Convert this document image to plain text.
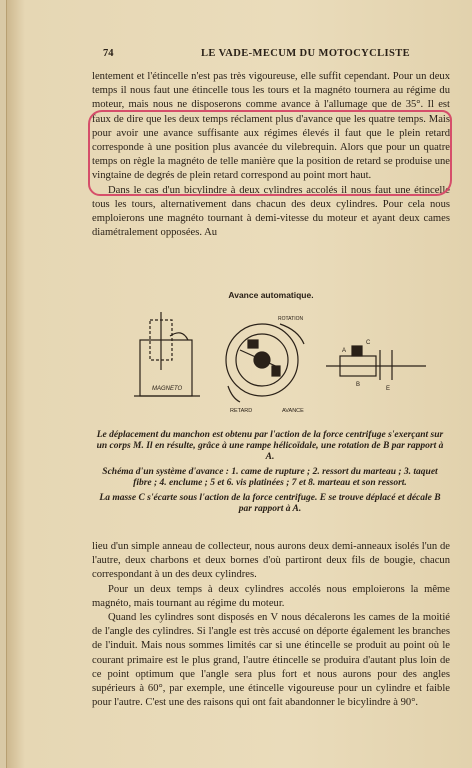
74	LE VADE-MECUM DU MOTOCYCLISTE

lentement et l'étincelle n'est pas très vigoureuse, elle suffit cependant. Pour un deux temps il nous faut une étincelle tous les tours et la magnéto tournera au régime du moteur, mais nous ne disposerons comme avance à l'allumage que de 35°. Il est faux de dire que les deux temps réclament plus d'avance que les quatre temps. Mais pour avoir une avance suffisante aux régimes élevés il faut que le plein retard corresponde à une position plus avancée du vilebrequin. Alors que pour un quatre temps on règle la magnéto de telle manière que la position de retard se produise une vingtaine de degrés de plein retard correspond au point mort haut.

Dans le cas d'un bicylindre à deux cylindres accolés il nous faut une étincelle tous les tours, alternativement dans chacun des deux cylindres. Pour cela nous emploierons une magnéto tournant à demi-vitesse du moteur et ayant deux cames diamétralement opposées. Au

Avance automatique.
MAGNETO
ROTATION
RETARD	AVANCE
A
C
B
E

Le déplacement du manchon est obtenu par l'action de la force centrifuge s'exerçant sur un corps M. Il en résulte, grâce à une rampe hélicoïdale, une rotation de B par rapport à A.

Schéma d'un système d'avance : 1. came de rupture ; 2. ressort du marteau ; 3. taquet fibre ; 4. enclume ; 5 et 6. vis platinées ; 7 et 8. marteau et son ressort.

La masse C s'écarte sous l'action de la force centrifuge. E se trouve déplacé et décale B par rapport à A.

lieu d'un simple anneau de collecteur, nous aurons deux demi-anneaux isolés l'un de l'autre, deux charbons et deux bornes d'où partiront deux fils de bougie, chacun correspondant à un des deux cylindres.

Pour un deux temps à deux cylindres accolés nous emploierons la même magnéto, mais tournant au régime du moteur.

Quand les cylindres sont disposés en V nous décalerons les cames de la moitié de l'angle des cylindres. Si l'angle est très accusé on déporte également les branches de l'induit. Mais nous sommes limités car si une étincelle se produit au point où le courant primaire est le plus grand, l'autre étincelle se produira d'autant plus loin de ce point optimum que l'angle sera plus fort et nous aurons pour des angles supérieurs à 60°, par exemple, une étincelle vigoureuse pour un cylindre et faible pour l'autre. C'est une des raisons qui ont fait abandonner le bicylindre à 90°.
